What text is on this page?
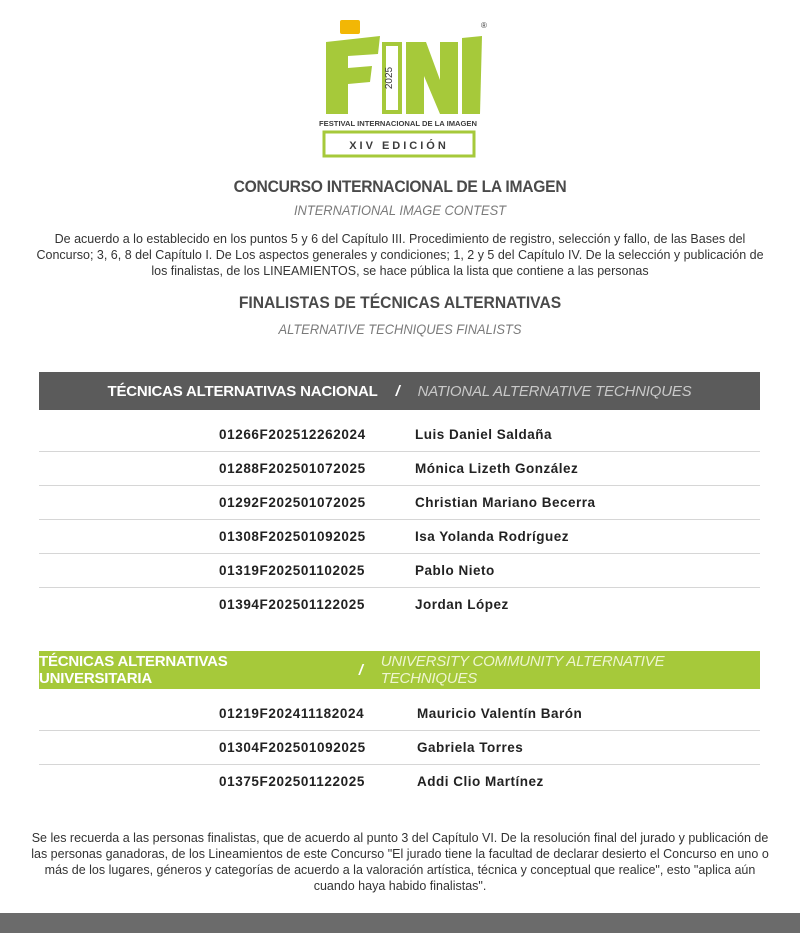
2025
®
FESTIVAL INTERNACIONAL DE LA IMAGEN
XIV EDICIÓN
CONCURSO INTERNACIONAL DE LA IMAGEN
INTERNATIONAL IMAGE CONTEST
De acuerdo a lo establecido en los puntos 5 y 6 del Capítulo III. Procedimiento de registro, selección y fallo, de las Bases del Concurso; 3, 6, 8 del Capítulo I. De Los aspectos generales y condiciones; 1, 2 y 5 del Capítulo IV. De la selección y publicación de los finalistas, de los LINEAMIENTOS, se hace pública la lista que contiene a las personas
FINALISTAS DE TÉCNICAS ALTERNATIVAS
ALTERNATIVE TECHNIQUES FINALISTS
TÉCNICAS ALTERNATIVAS NACIONAL / NATIONAL ALTERNATIVE TECHNIQUES
01266F202512262024	Luis Daniel Saldaña
01288F202501072025	Mónica Lizeth González
01292F202501072025	Christian Mariano Becerra
01308F202501092025	Isa Yolanda Rodríguez
01319F202501102025	Pablo Nieto
01394F202501122025	Jordan López
TÉCNICAS ALTERNATIVAS UNIVERSITARIA	/ UNIVERSITY COMMUNITY ALTERNATIVE TECHNIQUES
01219F202411182024	Mauricio Valentín Barón
01304F202501092025	Gabriela Torres
01375F202501122025	Addi Clio Martínez
Se les recuerda a las personas finalistas, que de acuerdo al punto 3 del Capítulo VI. De la resolución final del jurado y publicación de las personas ganadoras, de los Lineamientos de este Concurso "El jurado tiene la facultad de declarar desierto el Concurso en uno o más de los lugares, géneros y categorías de acuerdo a la valoración artística, técnica y conceptual que realice", esto "aplica aún cuando haya habido finalistas".
